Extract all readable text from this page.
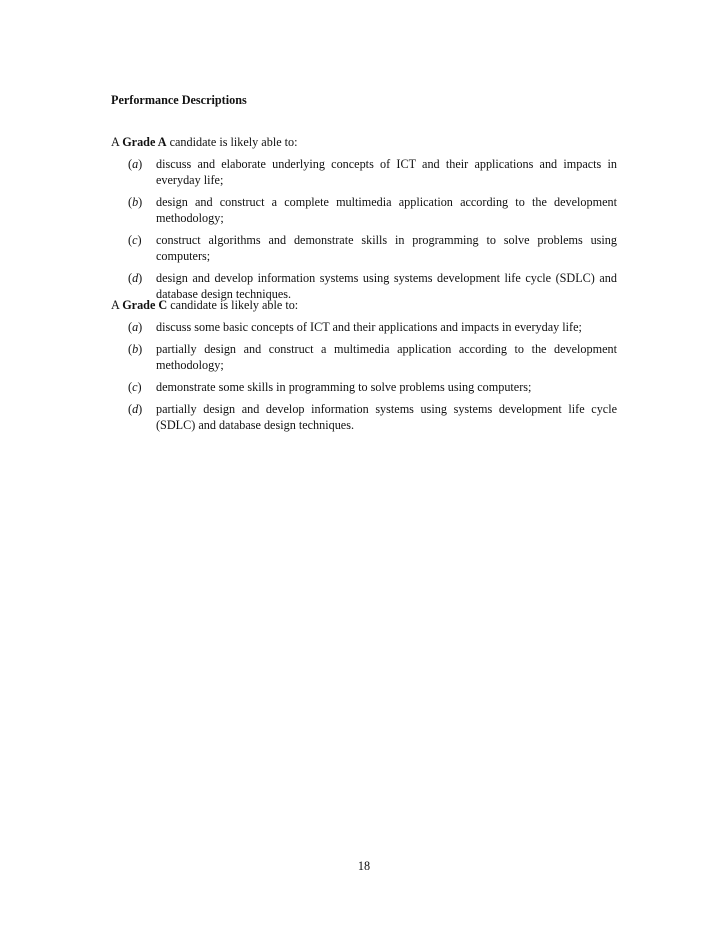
Performance Descriptions

A Grade A candidate is likely able to:

(a)	discuss and elaborate underlying concepts of ICT and their applications and impacts in everyday life;
(b)	design and construct a complete multimedia application according to the development methodology;
(c)	construct algorithms and demonstrate skills in programming to solve problems using computers;
(d)	design and develop information systems using systems development life cycle (SDLC) and database design techniques.

A Grade C candidate is likely able to:

(a)	discuss some basic concepts of ICT and their applications and impacts in everyday life;
(b)	partially design and construct a multimedia application according to the development methodology;
(c)	demonstrate some skills in programming to solve problems using computers;
(d)	partially design and develop information systems using systems development life cycle (SDLC) and database design techniques.
18
